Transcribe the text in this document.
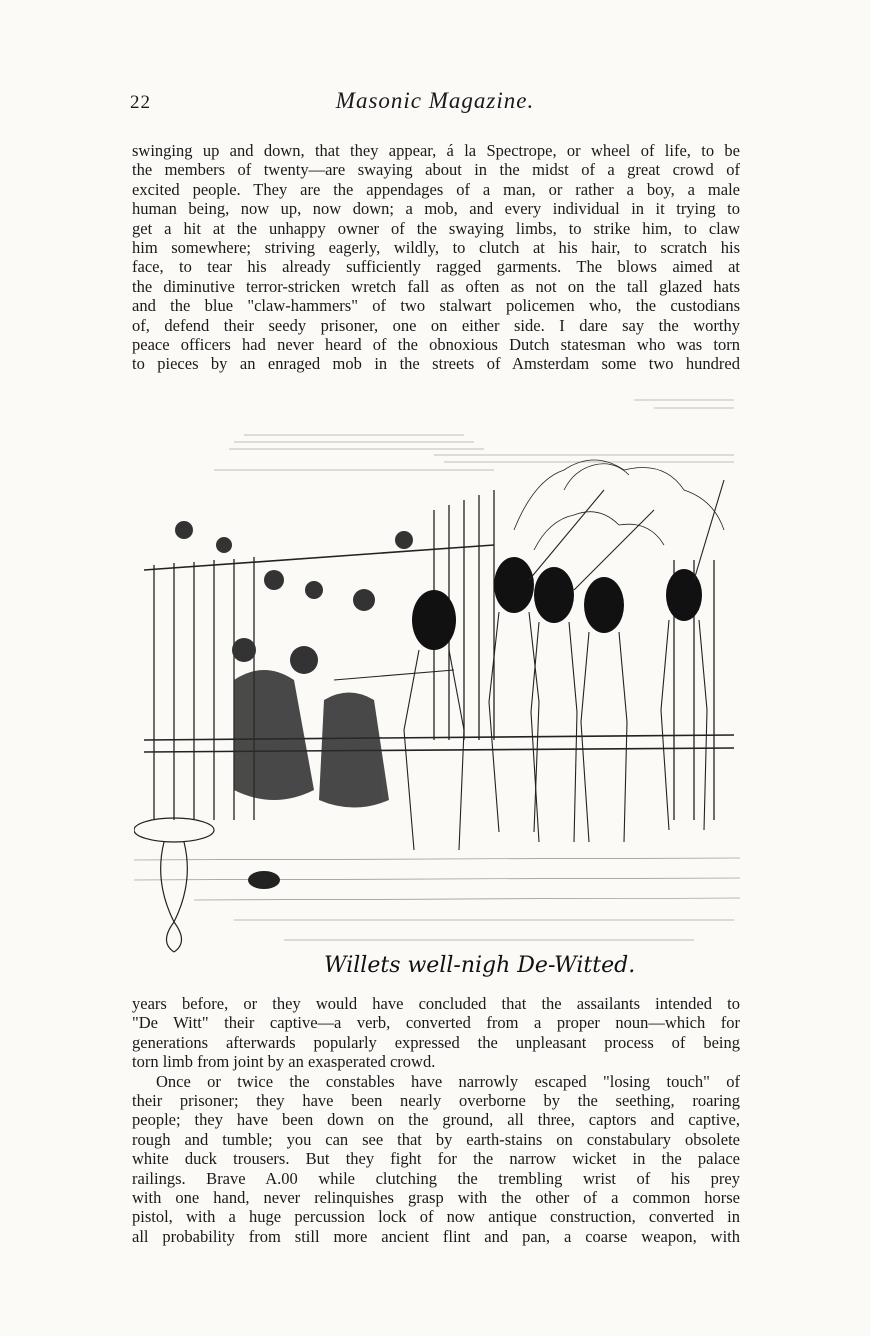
22	Masonic Magazine.

swinging up and down, that they appear, á la Spectrope, or wheel of life, to be
the members of twenty—are swaying about in the midst of a great crowd of
excited people. They are the appendages of a man, or rather a boy, a male
human being, now up, now down; a mob, and every individual in it trying to
get a hit at the unhappy owner of the swaying limbs, to strike him, to claw
him somewhere; striving eagerly, wildly, to clutch at his hair, to scratch his
face, to tear his already sufficiently ragged garments. The blows aimed at
the diminutive terror-stricken wretch fall as often as not on the tall glazed hats
and the blue "claw-hammers" of two stalwart policemen who, the custodians
of, defend their seedy prisoner, one on either side. I dare say the worthy
peace officers had never heard of the obnoxious Dutch statesman who was torn
to pieces by an enraged mob in the streets of Amsterdam some two hundred

Willets well-nigh De-Witted.

years before, or they would have concluded that the assailants intended to
"De Witt" their captive—a verb, converted from a proper noun—which for
generations afterwards popularly expressed the unpleasant process of being
torn limb from joint by an exasperated crowd.

Once or twice the constables have narrowly escaped "losing touch" of
their prisoner; they have been nearly overborne by the seething, roaring
people; they have been down on the ground, all three, captors and captive,
rough and tumble; you can see that by earth-stains on constabulary obsolete
white duck trousers. But they fight for the narrow wicket in the palace
railings. Brave A.00 while clutching the trembling wrist of his prey
with one hand, never relinquishes grasp with the other of a common horse
pistol, with a huge percussion lock of now antique construction, converted in
all probability from still more ancient flint and pan, a coarse weapon, with
